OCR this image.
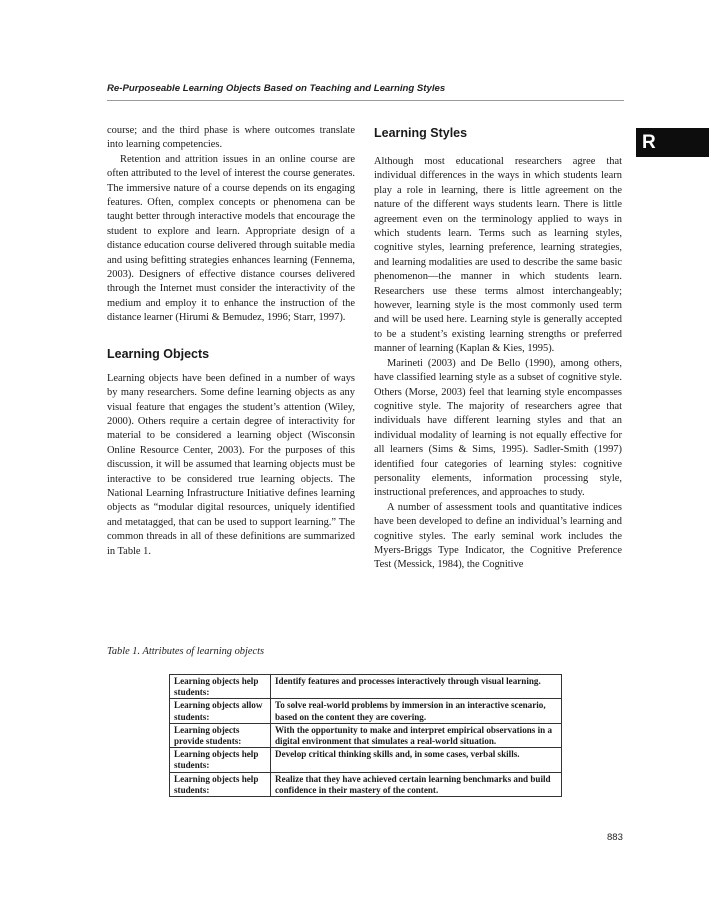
Re-Purposeable Learning Objects Based on Teaching and Learning Styles
R

course; and the third phase is where outcomes translate into learning competencies.

Retention and attrition issues in an online course are often attributed to the level of interest the course generates. The immersive nature of a course depends on its engaging features. Often, complex concepts or phenomena can be taught better through interactive models that encourage the student to explore and learn. Appropriate design of a distance education course delivered through suitable media and using befitting strategies enhances learning (Fennema, 2003). Designers of effective distance courses delivered through the Internet must consider the interactivity of the medium and employ it to enhance the instruction of the distance learner (Hirumi & Bemudez, 1996; Starr, 1997).

Learning Objects

Learning objects have been defined in a number of ways by many researchers. Some define learning objects as any visual feature that engages the student’s attention (Wiley, 2000). Others require a certain degree of interactivity for material to be considered a learning object (Wisconsin Online Resource Center, 2003). For the purposes of this discussion, it will be assumed that learning objects must be interactive to be considered true learning objects. The National Learning Infrastructure Initiative defines learning objects as “modular digital resources, uniquely identified and metatagged, that can be used to support learning.” The common threads in all of these definitions are summarized in Table 1.

Learning Styles

Although most educational researchers agree that individual differences in the ways in which students learn play a role in learning, there is little agreement on the nature of the different ways students learn. There is little agreement even on the terminology applied to ways in which students learn. Terms such as learning styles, cognitive styles, learning preference, learning strategies, and learning modalities are used to describe the same basic phenomenon—the manner in which students learn. Researchers use these terms almost interchangeably; however, learning style is the most commonly used term and will be used here. Learning style is generally accepted to be a student’s existing learning strengths or preferred manner of learning (Kaplan & Kies, 1995).

Marineti (2003) and De Bello (1990), among others, have classified learning style as a subset of cognitive style. Others (Morse, 2003) feel that learning style encompasses cognitive style. The majority of researchers agree that individuals have different learning styles and that an individual modality of learning is not equally effective for all learners (Sims & Sims, 1995). Sadler-Smith (1997) identified four categories of learning styles: cognitive personality elements, information processing style, instructional preferences, and approaches to study.

A number of assessment tools and quantitative indices have been developed to define an individual’s learning and cognitive styles. The early seminal work includes the Myers-Briggs Type Indicator, the Cognitive Preference Test (Messick, 1984), the Cognitive

Table 1. Attributes of learning objects
Learning objects help students:	Identify features and processes interactively through visual learning.
Learning objects allow students:	To solve real-world problems by immersion in an interactive scenario, based on the content they are covering.
Learning objects provide students:	With the opportunity to make and interpret empirical observations in a digital environment that simulates a real-world situation.
Learning objects help students:	Develop critical thinking skills and, in some cases, verbal skills.
Learning objects help students:	Realize that they have achieved certain learning benchmarks and build confidence in their mastery of the content.
883
